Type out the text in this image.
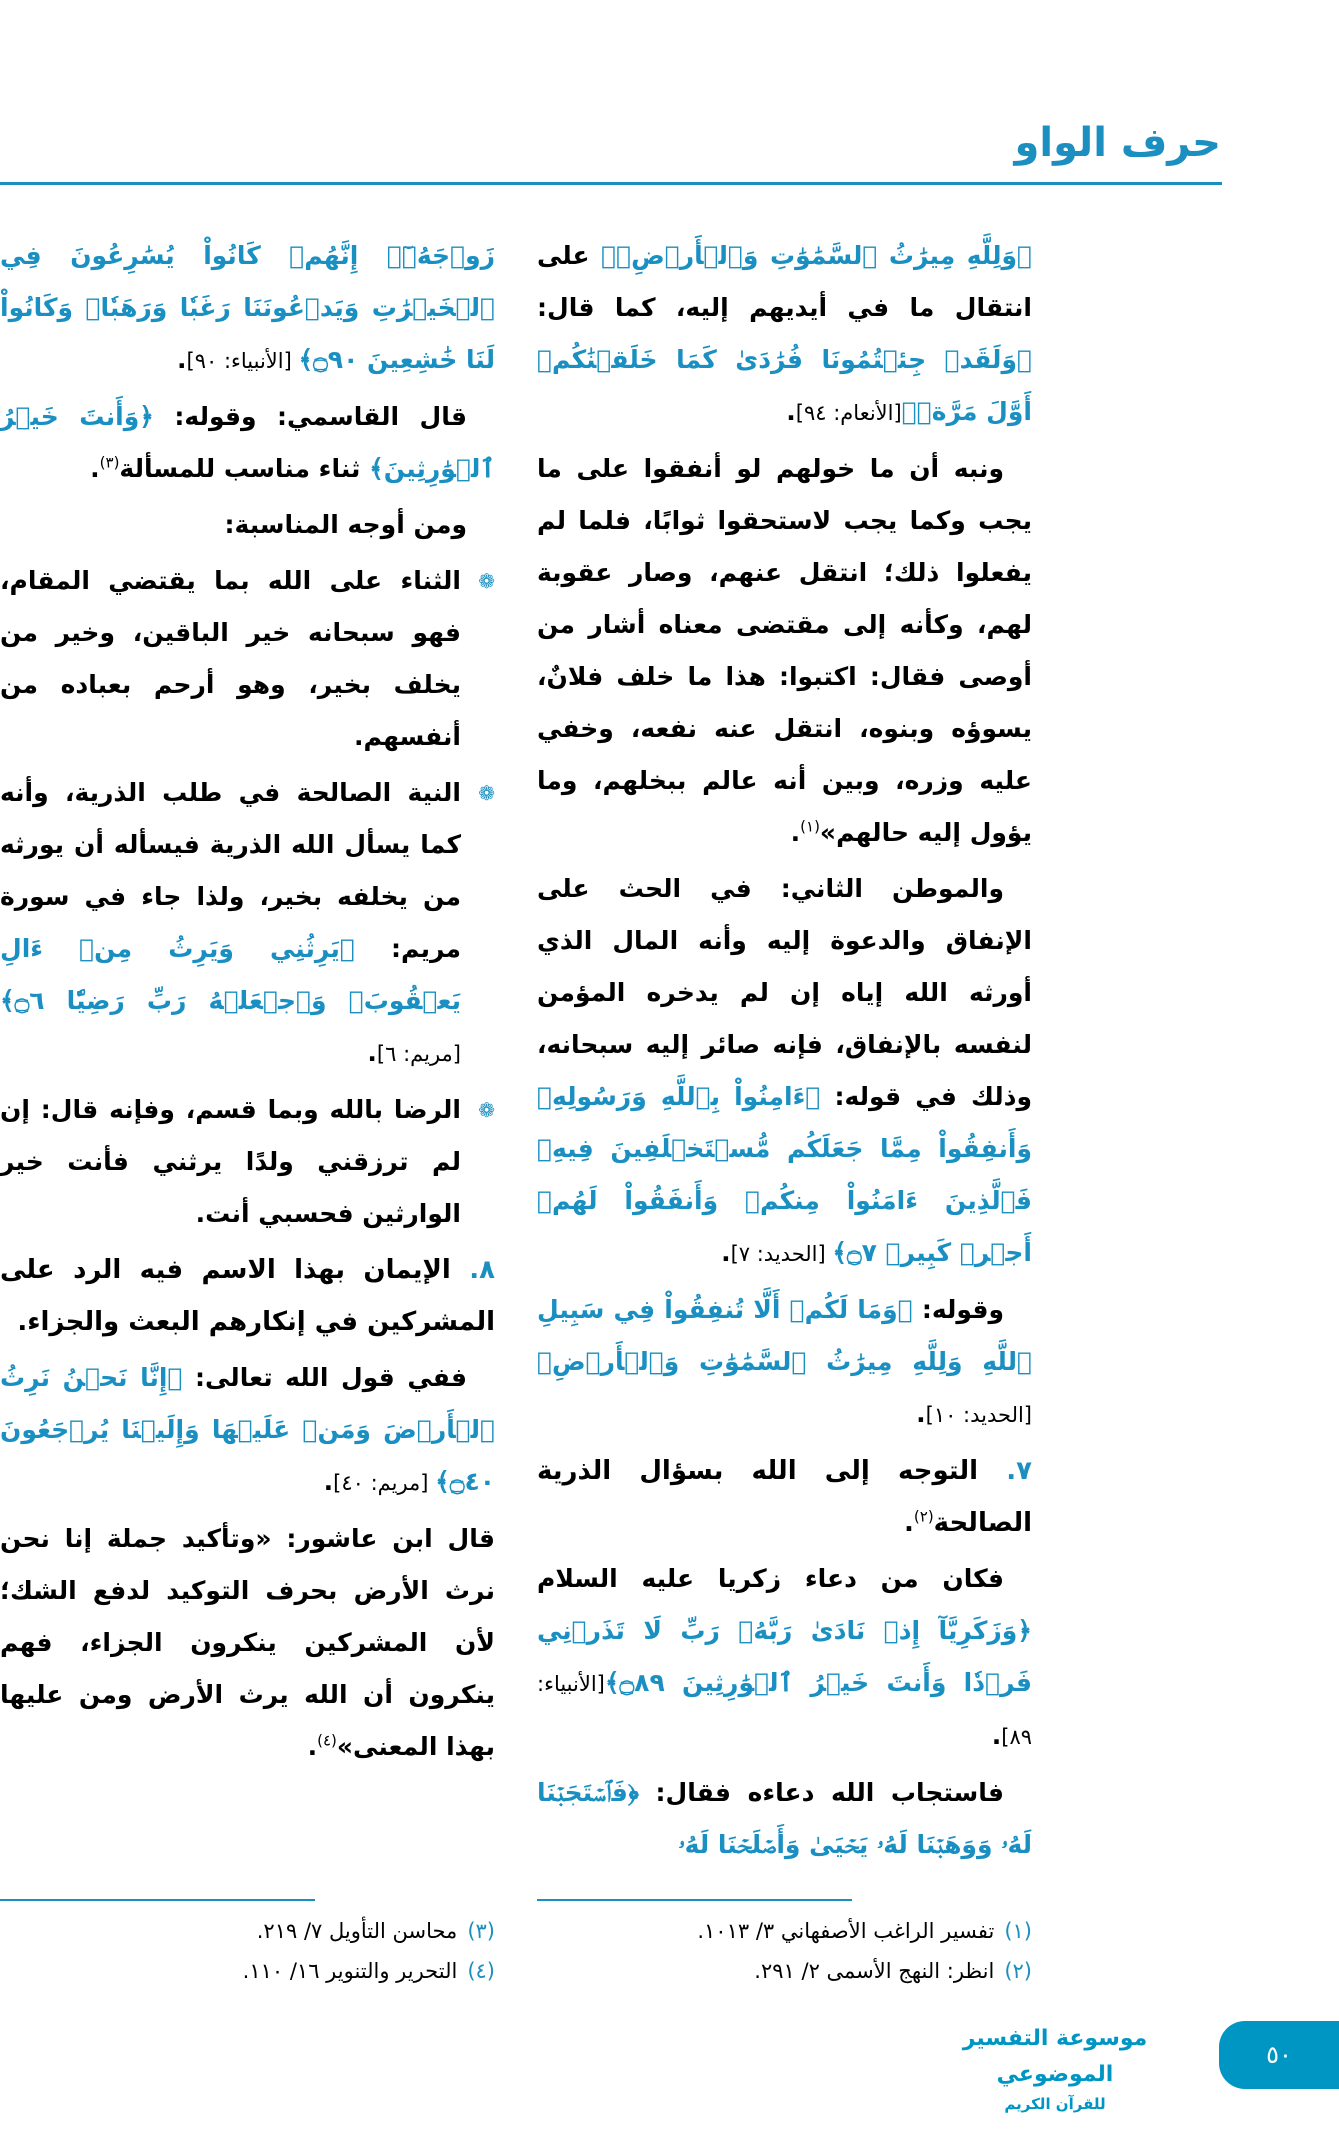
حرف الواو

﴿وَلِلَّهِ مِيرَٰثُ ٱلسَّمَٰوَٰتِ وَٱلۡأَرۡضِۗ﴾ على انتقال ما في أيديهم إليه، كما قال: ﴿وَلَقَدۡ جِئۡتُمُونَا فُرَٰدَىٰ كَمَا خَلَقۡنَٰكُمۡ أَوَّلَ مَرَّةٖ﴾[الأنعام: ٩٤].

ونبه أن ما خولهم لو أنفقوا على ما يجب وكما يجب لاستحقوا ثوابًا، فلما لم يفعلوا ذلك؛ انتقل عنهم، وصار عقوبة لهم، وكأنه إلى مقتضى معناه أشار من أوصى فقال: اكتبوا: هذا ما خلف فلانٌ، يسوؤه وبنوه، انتقل عنه نفعه، وخفي عليه وزره، وبين أنه عالم ببخلهم، وما يؤول إليه حالهم»$^{(١)}$.

والموطن الثاني: في الحث على الإنفاق والدعوة إليه وأنه المال الذي أورثه الله إياه إن لم يدخره المؤمن لنفسه بالإنفاق، فإنه صائر إليه سبحانه، وذلك في قوله: ﴿ءَامِنُواْ بِٱللَّهِ وَرَسُولِهِۦ وَأَنفِقُواْ مِمَّا جَعَلَكُم مُّسۡتَخۡلَفِينَ فِيهِۖ فَٱلَّذِينَ ءَامَنُواْ مِنكُمۡ وَأَنفَقُواْ لَهُمۡ أَجۡرٞ كَبِيرٞ ۝٧﴾ [الحديد: ٧].

وقوله: ﴿وَمَا لَكُمۡ أَلَّا تُنفِقُواْ فِي سَبِيلِ ٱللَّهِ وَلِلَّهِ مِيرَٰثُ ٱلسَّمَٰوَٰتِ وَٱلۡأَرۡضِ﴾[الحديد: ١٠].

٧. التوجه إلى الله بسؤال الذرية الصالحة$^{(٢)}$.

فكان من دعاء زكريا عليه السلام ﴿وَزَكَرِيَّآ إِذۡ نَادَىٰ رَبَّهُۥ رَبِّ لَا تَذَرۡنِي فَرۡدٗا وَأَنتَ خَيۡرُ ٱلۡوَٰرِثِينَ ۝٨٩﴾[الأنبياء: ٨٩].

فاستجاب الله دعاءه فقال: ﴿فَٱسۡتَجَبۡنَا لَهُۥ وَوَهَبۡنَا لَهُۥ يَحۡيَىٰ وَأَصۡلَحۡنَا لَهُۥ

زَوۡجَهُۥٓۚ إِنَّهُمۡ كَانُواْ يُسَٰرِعُونَ فِي ٱلۡخَيۡرَٰتِ وَيَدۡعُونَنَا رَغَبٗا وَرَهَبٗاۖ وَكَانُواْ لَنَا خَٰشِعِينَ ۝٩٠﴾ [الأنبياء: ٩٠].

قال القاسمي: وقوله: ﴿وَأَنتَ خَيۡرُ ٱلۡوَٰرِثِينَ﴾ ثناء مناسب للمسألة$^{(٣)}$.

ومن أوجه المناسبة:

❁
الثناء على الله بما يقتضي المقام، فهو سبحانه خير الباقين، وخير من يخلف بخير، وهو أرحم بعباده من أنفسهم.

❁
النية الصالحة في طلب الذرية، وأنه كما يسأل الله الذرية فيسأله أن يورثه من يخلفه بخير، ولذا جاء في سورة مريم: ﴿يَرِثُنِي وَيَرِثُ مِنۡ ءَالِ يَعۡقُوبَۖ وَٱجۡعَلۡهُ رَبِّ رَضِيّٗا ۝٦﴾[مريم: ٦].

❁
الرضا بالله وبما قسم، وفإنه قال: إن لم ترزقني ولدًا يرثني فأنت خير الوارثين فحسبي أنت.

٨. الإيمان بهذا الاسم فيه الرد على المشركين في إنكارهم البعث والجزاء.

ففي قول الله تعالى: ﴿إِنَّا نَحۡنُ نَرِثُ ٱلۡأَرۡضَ وَمَنۡ عَلَيۡهَا وَإِلَيۡنَا يُرۡجَعُونَ ۝٤٠﴾ [مريم: ٤٠].

قال ابن عاشور: «وتأكيد جملة إنا نحن نرث الأرض بحرف التوكيد لدفع الشك؛ لأن المشركين ينكرون الجزاء، فهم ينكرون أن الله يرث الأرض ومن عليها بهذا المعنى»$^{(٤)}$.

(١)تفسير الراغب الأصفهاني ٣/ ١٠١٣.
(٢)انظر: النهج الأسمى ٢/ ٢٩١.
(٣)محاسن التأويل ٧/ ٢١٩.
(٤)التحرير والتنوير ١٦/ ١١٠.
موسوعة التفسير الموضوعي
للقرآن الكريم
٥٠
